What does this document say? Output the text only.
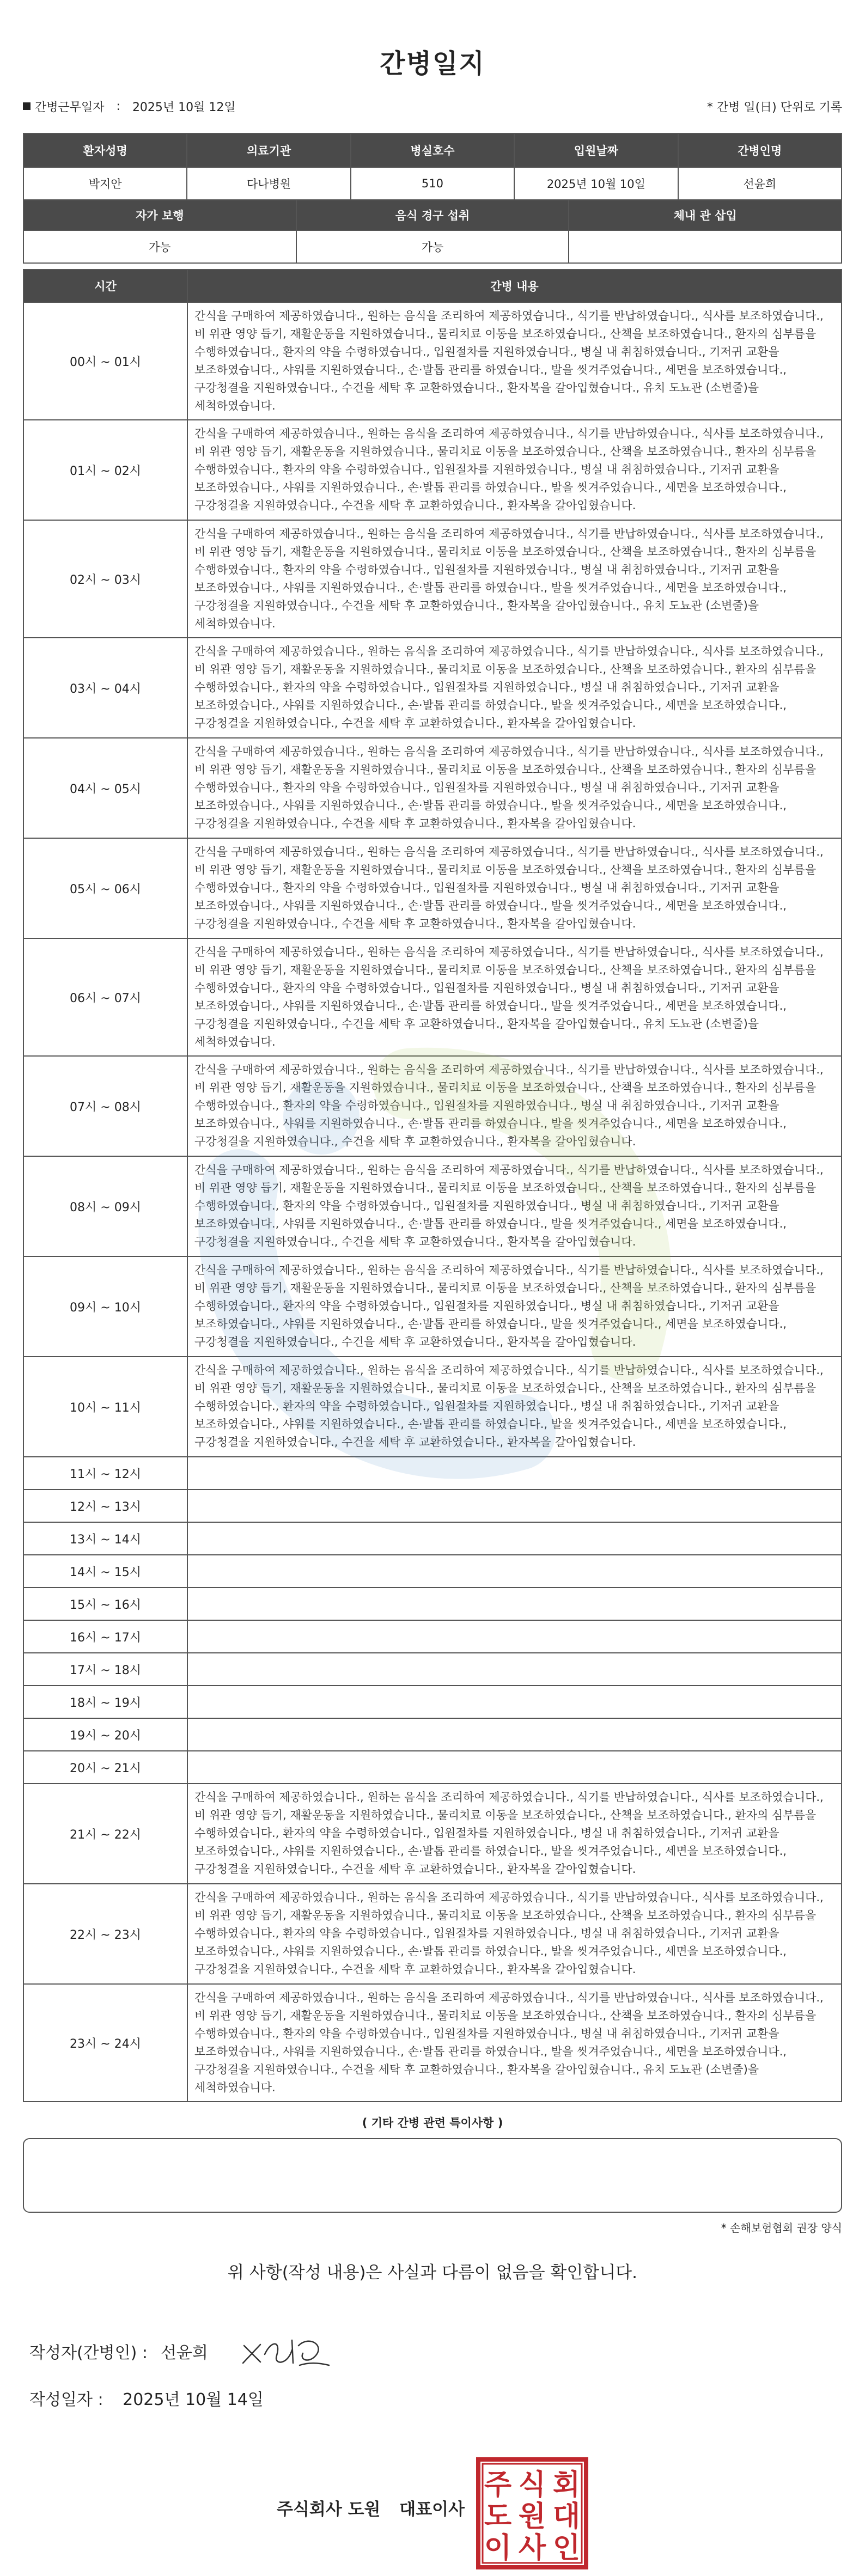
간병일지
간병근무일자 : 2025년 10월 12일	* 간병 일(日) 단위로 기록
환자성명	의료기관	병실호수	입원날짜	간병인명
박지안	다나병원	510	2025년 10월 10일	선윤희
자가 보행	음식 경구 섭취	체내 관 삽입
가능	가능	
시간	간병 내용
00시 ~ 01시	간식을 구매하여 제공하였습니다., 원하는 음식을 조리하여 제공하였습니다., 식기를 반납하였습니다., 식사를 보조하였습니다., 비 위관 영양 듭기, 재활운동을 지원하였습니다., 물리치료 이동을 보조하였습니다., 산책을 보조하였습니다., 환자의 심부름을 수행하였습니다., 환자의 약을 수령하였습니다., 입원절차를 지원하였습니다., 병실 내 취침하였습니다., 기저귀 교환을 보조하였습니다., 샤워를 지원하였습니다., 손·발톱 관리를 하였습니다., 발을 씻겨주었습니다., 세면을 보조하였습니다., 구강청결을 지원하였습니다., 수건을 세탁 후 교환하였습니다., 환자복을 갈아입혔습니다., 유치 도뇨관 (소변줄)을 세척하였습니다.
01시 ~ 02시	간식을 구매하여 제공하였습니다., 원하는 음식을 조리하여 제공하였습니다., 식기를 반납하였습니다., 식사를 보조하였습니다., 비 위관 영양 듭기, 재활운동을 지원하였습니다., 물리치료 이동을 보조하였습니다., 산책을 보조하였습니다., 환자의 심부름을 수행하였습니다., 환자의 약을 수령하였습니다., 입원절차를 지원하였습니다., 병실 내 취침하였습니다., 기저귀 교환을 보조하였습니다., 샤워를 지원하였습니다., 손·발톱 관리를 하였습니다., 발을 씻겨주었습니다., 세면을 보조하였습니다., 구강청결을 지원하였습니다., 수건을 세탁 후 교환하였습니다., 환자복을 갈아입혔습니다.
02시 ~ 03시	간식을 구매하여 제공하였습니다., 원하는 음식을 조리하여 제공하였습니다., 식기를 반납하였습니다., 식사를 보조하였습니다., 비 위관 영양 듭기, 재활운동을 지원하였습니다., 물리치료 이동을 보조하였습니다., 산책을 보조하였습니다., 환자의 심부름을 수행하였습니다., 환자의 약을 수령하였습니다., 입원절차를 지원하였습니다., 병실 내 취침하였습니다., 기저귀 교환을 보조하였습니다., 샤워를 지원하였습니다., 손·발톱 관리를 하였습니다., 발을 씻겨주었습니다., 세면을 보조하였습니다., 구강청결을 지원하였습니다., 수건을 세탁 후 교환하였습니다., 환자복을 갈아입혔습니다., 유치 도뇨관 (소변줄)을 세척하였습니다.
03시 ~ 04시	간식을 구매하여 제공하였습니다., 원하는 음식을 조리하여 제공하였습니다., 식기를 반납하였습니다., 식사를 보조하였습니다., 비 위관 영양 듭기, 재활운동을 지원하였습니다., 물리치료 이동을 보조하였습니다., 산책을 보조하였습니다., 환자의 심부름을 수행하였습니다., 환자의 약을 수령하였습니다., 입원절차를 지원하였습니다., 병실 내 취침하였습니다., 기저귀 교환을 보조하였습니다., 샤워를 지원하였습니다., 손·발톱 관리를 하였습니다., 발을 씻겨주었습니다., 세면을 보조하였습니다., 구강청결을 지원하였습니다., 수건을 세탁 후 교환하였습니다., 환자복을 갈아입혔습니다.
04시 ~ 05시	간식을 구매하여 제공하였습니다., 원하는 음식을 조리하여 제공하였습니다., 식기를 반납하였습니다., 식사를 보조하였습니다., 비 위관 영양 듭기, 재활운동을 지원하였습니다., 물리치료 이동을 보조하였습니다., 산책을 보조하였습니다., 환자의 심부름을 수행하였습니다., 환자의 약을 수령하였습니다., 입원절차를 지원하였습니다., 병실 내 취침하였습니다., 기저귀 교환을 보조하였습니다., 샤워를 지원하였습니다., 손·발톱 관리를 하였습니다., 발을 씻겨주었습니다., 세면을 보조하였습니다., 구강청결을 지원하였습니다., 수건을 세탁 후 교환하였습니다., 환자복을 갈아입혔습니다.
05시 ~ 06시	간식을 구매하여 제공하였습니다., 원하는 음식을 조리하여 제공하였습니다., 식기를 반납하였습니다., 식사를 보조하였습니다., 비 위관 영양 듭기, 재활운동을 지원하였습니다., 물리치료 이동을 보조하였습니다., 산책을 보조하였습니다., 환자의 심부름을 수행하였습니다., 환자의 약을 수령하였습니다., 입원절차를 지원하였습니다., 병실 내 취침하였습니다., 기저귀 교환을 보조하였습니다., 샤워를 지원하였습니다., 손·발톱 관리를 하였습니다., 발을 씻겨주었습니다., 세면을 보조하였습니다., 구강청결을 지원하였습니다., 수건을 세탁 후 교환하였습니다., 환자복을 갈아입혔습니다.
06시 ~ 07시	간식을 구매하여 제공하였습니다., 원하는 음식을 조리하여 제공하였습니다., 식기를 반납하였습니다., 식사를 보조하였습니다., 비 위관 영양 듭기, 재활운동을 지원하였습니다., 물리치료 이동을 보조하였습니다., 산책을 보조하였습니다., 환자의 심부름을 수행하였습니다., 환자의 약을 수령하였습니다., 입원절차를 지원하였습니다., 병실 내 취침하였습니다., 기저귀 교환을 보조하였습니다., 샤워를 지원하였습니다., 손·발톱 관리를 하였습니다., 발을 씻겨주었습니다., 세면을 보조하였습니다., 구강청결을 지원하였습니다., 수건을 세탁 후 교환하였습니다., 환자복을 갈아입혔습니다., 유치 도뇨관 (소변줄)을 세척하였습니다.
07시 ~ 08시	간식을 구매하여 제공하였습니다., 원하는 음식을 조리하여 제공하였습니다., 식기를 반납하였습니다., 식사를 보조하였습니다., 비 위관 영양 듭기, 재활운동을 지원하였습니다., 물리치료 이동을 보조하였습니다., 산책을 보조하였습니다., 환자의 심부름을 수행하였습니다., 환자의 약을 수령하였습니다., 입원절차를 지원하였습니다., 병실 내 취침하였습니다., 기저귀 교환을 보조하였습니다., 샤워를 지원하였습니다., 손·발톱 관리를 하였습니다., 발을 씻겨주었습니다., 세면을 보조하였습니다., 구강청결을 지원하였습니다., 수건을 세탁 후 교환하였습니다., 환자복을 갈아입혔습니다.
08시 ~ 09시	간식을 구매하여 제공하였습니다., 원하는 음식을 조리하여 제공하였습니다., 식기를 반납하였습니다., 식사를 보조하였습니다., 비 위관 영양 듭기, 재활운동을 지원하였습니다., 물리치료 이동을 보조하였습니다., 산책을 보조하였습니다., 환자의 심부름을 수행하였습니다., 환자의 약을 수령하였습니다., 입원절차를 지원하였습니다., 병실 내 취침하였습니다., 기저귀 교환을 보조하였습니다., 샤워를 지원하였습니다., 손·발톱 관리를 하였습니다., 발을 씻겨주었습니다., 세면을 보조하였습니다., 구강청결을 지원하였습니다., 수건을 세탁 후 교환하였습니다., 환자복을 갈아입혔습니다.
09시 ~ 10시	간식을 구매하여 제공하였습니다., 원하는 음식을 조리하여 제공하였습니다., 식기를 반납하였습니다., 식사를 보조하였습니다., 비 위관 영양 듭기, 재활운동을 지원하였습니다., 물리치료 이동을 보조하였습니다., 산책을 보조하였습니다., 환자의 심부름을 수행하였습니다., 환자의 약을 수령하였습니다., 입원절차를 지원하였습니다., 병실 내 취침하였습니다., 기저귀 교환을 보조하였습니다., 샤워를 지원하였습니다., 손·발톱 관리를 하였습니다., 발을 씻겨주었습니다., 세면을 보조하였습니다., 구강청결을 지원하였습니다., 수건을 세탁 후 교환하였습니다., 환자복을 갈아입혔습니다.
10시 ~ 11시	간식을 구매하여 제공하였습니다., 원하는 음식을 조리하여 제공하였습니다., 식기를 반납하였습니다., 식사를 보조하였습니다., 비 위관 영양 듭기, 재활운동을 지원하였습니다., 물리치료 이동을 보조하였습니다., 산책을 보조하였습니다., 환자의 심부름을 수행하였습니다., 환자의 약을 수령하였습니다., 입원절차를 지원하였습니다., 병실 내 취침하였습니다., 기저귀 교환을 보조하였습니다., 샤워를 지원하였습니다., 손·발톱 관리를 하였습니다., 발을 씻겨주었습니다., 세면을 보조하였습니다., 구강청결을 지원하였습니다., 수건을 세탁 후 교환하였습니다., 환자복을 갈아입혔습니다.
11시 ~ 12시	
12시 ~ 13시	
13시 ~ 14시	
14시 ~ 15시	
15시 ~ 16시	
16시 ~ 17시	
17시 ~ 18시	
18시 ~ 19시	
19시 ~ 20시	
20시 ~ 21시	
21시 ~ 22시	간식을 구매하여 제공하였습니다., 원하는 음식을 조리하여 제공하였습니다., 식기를 반납하였습니다., 식사를 보조하였습니다., 비 위관 영양 듭기, 재활운동을 지원하였습니다., 물리치료 이동을 보조하였습니다., 산책을 보조하였습니다., 환자의 심부름을 수행하였습니다., 환자의 약을 수령하였습니다., 입원절차를 지원하였습니다., 병실 내 취침하였습니다., 기저귀 교환을 보조하였습니다., 샤워를 지원하였습니다., 손·발톱 관리를 하였습니다., 발을 씻겨주었습니다., 세면을 보조하였습니다., 구강청결을 지원하였습니다., 수건을 세탁 후 교환하였습니다., 환자복을 갈아입혔습니다.
22시 ~ 23시	간식을 구매하여 제공하였습니다., 원하는 음식을 조리하여 제공하였습니다., 식기를 반납하였습니다., 식사를 보조하였습니다., 비 위관 영양 듭기, 재활운동을 지원하였습니다., 물리치료 이동을 보조하였습니다., 산책을 보조하였습니다., 환자의 심부름을 수행하였습니다., 환자의 약을 수령하였습니다., 입원절차를 지원하였습니다., 병실 내 취침하였습니다., 기저귀 교환을 보조하였습니다., 샤워를 지원하였습니다., 손·발톱 관리를 하였습니다., 발을 씻겨주었습니다., 세면을 보조하였습니다., 구강청결을 지원하였습니다., 수건을 세탁 후 교환하였습니다., 환자복을 갈아입혔습니다.
23시 ~ 24시	간식을 구매하여 제공하였습니다., 원하는 음식을 조리하여 제공하였습니다., 식기를 반납하였습니다., 식사를 보조하였습니다., 비 위관 영양 듭기, 재활운동을 지원하였습니다., 물리치료 이동을 보조하였습니다., 산책을 보조하였습니다., 환자의 심부름을 수행하였습니다., 환자의 약을 수령하였습니다., 입원절차를 지원하였습니다., 병실 내 취침하였습니다., 기저귀 교환을 보조하였습니다., 샤워를 지원하였습니다., 손·발톱 관리를 하였습니다., 발을 씻겨주었습니다., 세면을 보조하였습니다., 구강청결을 지원하였습니다., 수건을 세탁 후 교환하였습니다., 환자복을 갈아입혔습니다., 유치 도뇨관 (소변줄)을 세척하였습니다.
( 기타 간병 관련 특이사항 )
* 손해보험협회 권장 양식
위 사항(작성 내용)은 사실과 다름이 없음을 확인합니다.
작성자(간병인) : 선윤희
작성일자 : 2025년 10월 14일
주식회사 도원 대표이사
주 식 회
도 원 대
이 사 인
